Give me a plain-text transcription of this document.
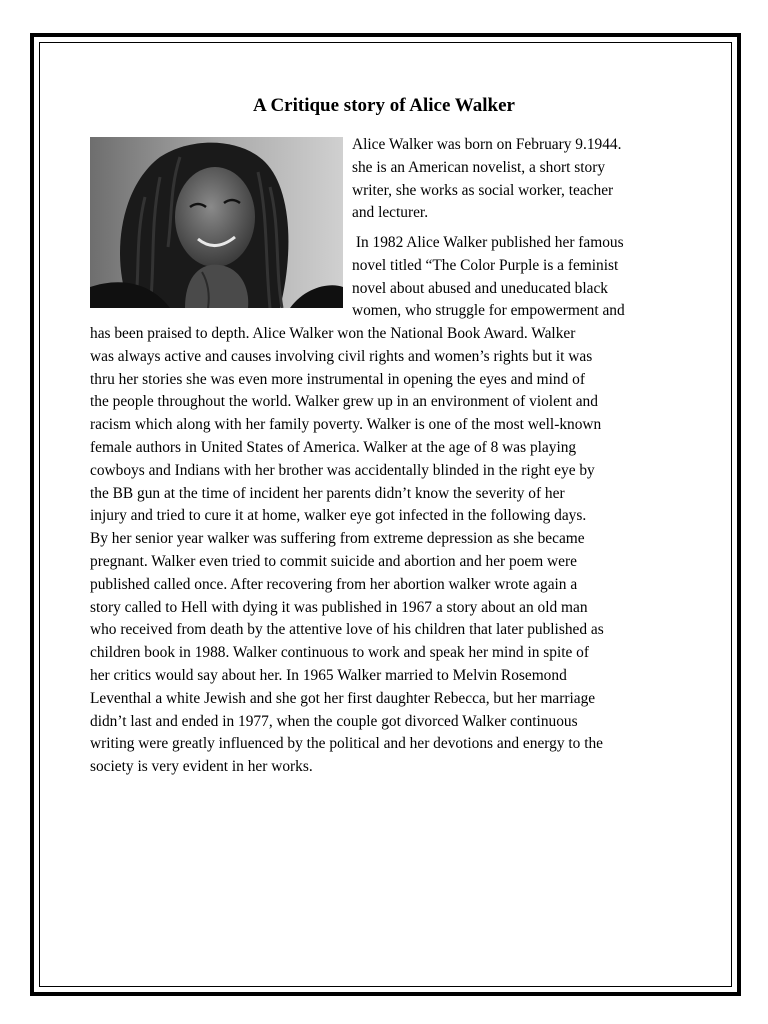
A Critique story of Alice Walker
Alice Walker was born on February 9.1944.
she is an American novelist, a short story
writer, she works as social worker, teacher
and lecturer.
In 1982 Alice Walker published her famous
novel titled “The Color Purple is a feminist
novel about abused and uneducated black
women, who struggle for empowerment and
has been praised to depth. Alice Walker won the National Book Award. Walker
was always active and causes involving civil rights and women’s rights but it was
thru her stories she was even more instrumental in opening the eyes and mind of
the people throughout the world. Walker grew up in an environment of violent and
racism which along with her family poverty. Walker is one of the most well-known
female authors in United States of America. Walker at the age of 8 was playing
cowboys and Indians with her brother was accidentally blinded in the right eye by
the BB gun at the time of incident her parents didn’t know the severity of her
injury and tried to cure it at home, walker eye got infected in the following days.
By her senior year walker was suffering from extreme depression as she became
pregnant. Walker even tried to commit suicide and abortion and her poem were
published called once. After recovering from her abortion walker wrote again a
story called to Hell with dying it was published in 1967 a story about an old man
who received from death by the attentive love of his children that later published as
children book in 1988. Walker continuous to work and speak her mind in spite of
her critics would say about her. In 1965 Walker married to Melvin Rosemond
Leventhal a white Jewish and she got her first daughter Rebecca, but her marriage
didn’t last and ended in 1977, when the couple got divorced Walker continuous
writing were greatly influenced by the political and her devotions and energy to the
society is very evident in her works.
